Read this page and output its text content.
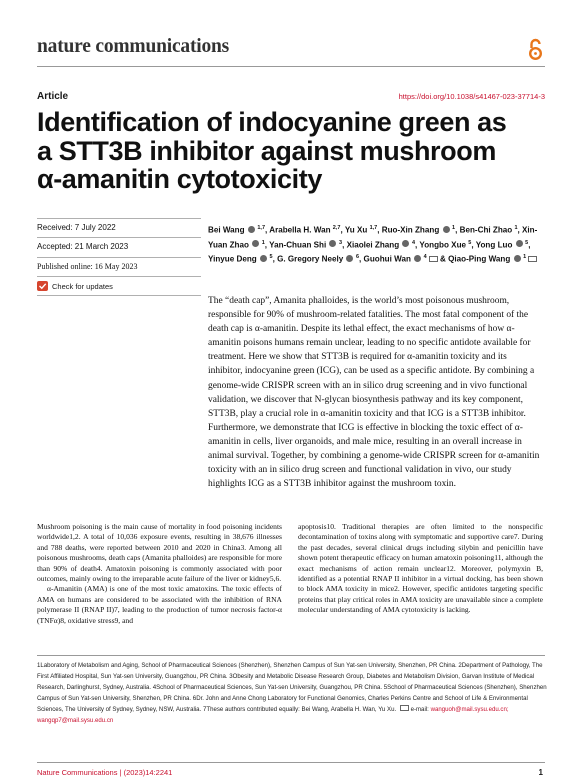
nature communications
Article	https://doi.org/10.1038/s41467-023-37714-3
Identification of indocyanine green as
a STT3B inhibitor against mushroom
α-amanitin cytotoxicity
Received: 7 July 2022
Accepted: 21 March 2023
Published online: 16 May 2023
Check for updates
Bei Wang  $^{1,7}$, Arabella H. Wan $^{2,7}$, Yu Xu $^{1,7}$, Ruo-Xin Zhang  $^1$, Ben-Chi Zhao $^1$, Xin-Yuan Zhao  $^1$, Yan-Chuan Shi  $^3$, Xiaolei Zhang  $^4$, Yongbo Xue $^5$, Yong Luo  $^5$, Yinyue Deng  $^5$, G. Gregory Neely  $^6$, Guohui Wan  $^4$ & Qiao-Ping Wang  $^1$
The “death cap”, Amanita phalloides, is the world’s most poisonous mushroom, responsible for 90% of mushroom-related fatalities. The most fatal component of the death cap is α-amanitin. Despite its lethal effect, the exact mechanisms of how α-amanitin poisons humans remain unclear, leading to no specific antidote available for treatment. Here we show that STT3B is required for α-amanitin toxicity and its inhibitor, indocyanine green (ICG), can be used as a specific antidote. By combining a genome-wide CRISPR screen with an in silico drug screening and in vivo functional validation, we discover that N-glycan biosynthesis pathway and its key component, STT3B, play a crucial role in α-amanitin toxicity and that ICG is a STT3B inhibitor. Furthermore, we demonstrate that ICG is effective in blocking the toxic effect of α-amanitin in cells, liver organoids, and male mice, resulting in an overall increase in animal survival. Together, by combining a genome-wide CRISPR screen for α-amanitin toxicity with an in silico drug screen and functional validation in vivo, our study highlights ICG as a STT3B inhibitor against the mushroom toxin.

Mushroom poisoning is the main cause of mortality in food poisoning incidents worldwide1,2. A total of 10,036 exposure events, resulting in 38,676 illnesses and 788 deaths, were reported between 2010 and 2020 in China3. Among all poisonous mushrooms, death caps (Amanita phalloides) are responsible for more than 90% of death4. Amatoxin poisoning is commonly associated with poor outcomes, mainly owing to the irreparable acute failure of the liver or kidney5,6.

α-Amanitin (AMA) is one of the most toxic amatoxins. The toxic effects of AMA on humans are considered to be associated with the inhibition of RNA polymerase II (RNAP II)7, leading to the production of tumor necrosis factor-α (TNFα)8, oxidative stress9, and

apoptosis10. Traditional therapies are often limited to the nonspecific decontamination of toxins along with symptomatic and supportive care7. During the past decades, several clinical drugs including silybin and penicillin have shown potent therapeutic efficacy on human amatoxin poisoning11, although the exact mechanisms of action remain unclear12. Moreover, polymyxin B, identified as a potential RNAP II inhibitor in a virtual docking, has been shown to block AMA toxicity in mice2. However, specific antidotes targeting specific proteins that play critical roles in AMA toxicity are unavailable since a complete molecular understanding of AMA cytotoxicity is lacking.

1Laboratory of Metabolism and Aging, School of Pharmaceutical Sciences (Shenzhen), Shenzhen Campus of Sun Yat-sen University, Shenzhen, PR China. 2Department of Pathology, The First Affiliated Hospital, Sun Yat-sen University, Guangzhou, PR China. 3Obesity and Metabolic Disease Research Group, Diabetes and Metabolism Division, Garvan Institute of Medical Research, Darlinghurst, Sydney, Australia. 4School of Pharmaceutical Sciences, Sun Yat-sen University, Guangzhou, PR China. 5School of Pharmaceutical Sciences (Shenzhen), Shenzhen Campus of Sun Yat-sen University, Shenzhen, PR China. 6Dr. John and Anne Chong Laboratory for Functional Genomics, Charles Perkins Centre and School of Life & Environmental Sciences, The University of Sydney, Sydney, NSW, Australia. 7These authors contributed equally: Bei Wang, Arabella H. Wan, Yu Xu. e-mail: wanguoh@mail.sysu.edu.cn; wangqp7@mail.sysu.edu.cn
Nature Communications | (2023)14:2241	1
